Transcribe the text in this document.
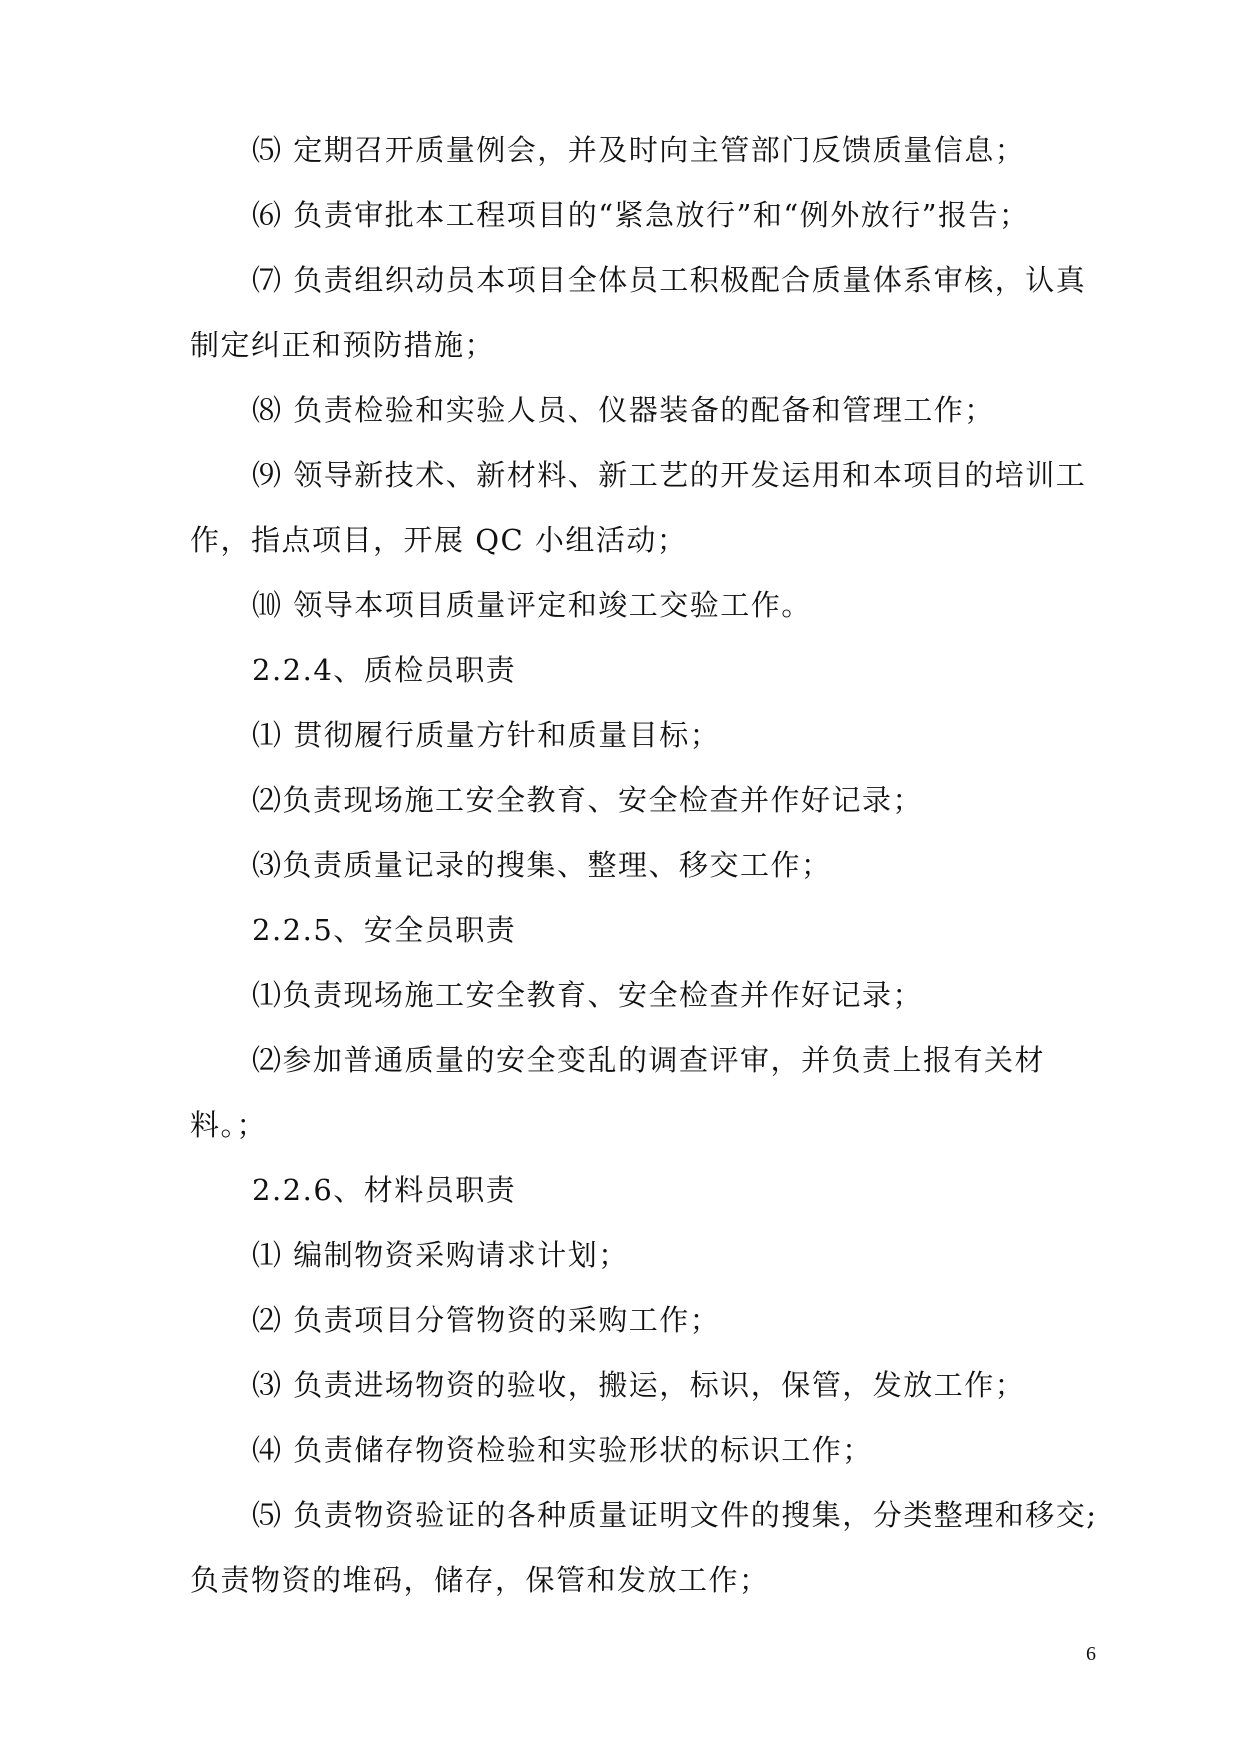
⑸ 定期召开质量例会，并及时向主管部门反馈质量信息；

⑹ 负责审批本工程项目的“紧急放行”和“例外放行”报告；

⑺ 负责组织动员本项目全体员工积极配合质量体系审核，认真制定纠正和预防措施；

⑻ 负责检验和实验人员、仪器装备的配备和管理工作；

⑼ 领导新技术、新材料、新工艺的开发运用和本项目的培训工作，指点项目，开展 QC 小组活动；

⑽ 领导本项目质量评定和竣工交验工作。

2.2.4、质检员职责

⑴ 贯彻履行质量方针和质量目标；

⑵负责现场施工安全教育、安全检查并作好记录；

⑶负责质量记录的搜集、整理、移交工作；

2.2.5、安全员职责

⑴负责现场施工安全教育、安全检查并作好记录；

⑵参加普通质量的安全变乱的调查评审，并负责上报有关材料。；

2.2.6、材料员职责

⑴ 编制物资采购请求计划；

⑵ 负责项目分管物资的采购工作；

⑶ 负责进场物资的验收，搬运，标识，保管，发放工作；

⑷ 负责储存物资检验和实验形状的标识工作；

⑸ 负责物资验证的各种质量证明文件的搜集，分类整理和移交;负责物资的堆码，储存，保管和发放工作；

6
